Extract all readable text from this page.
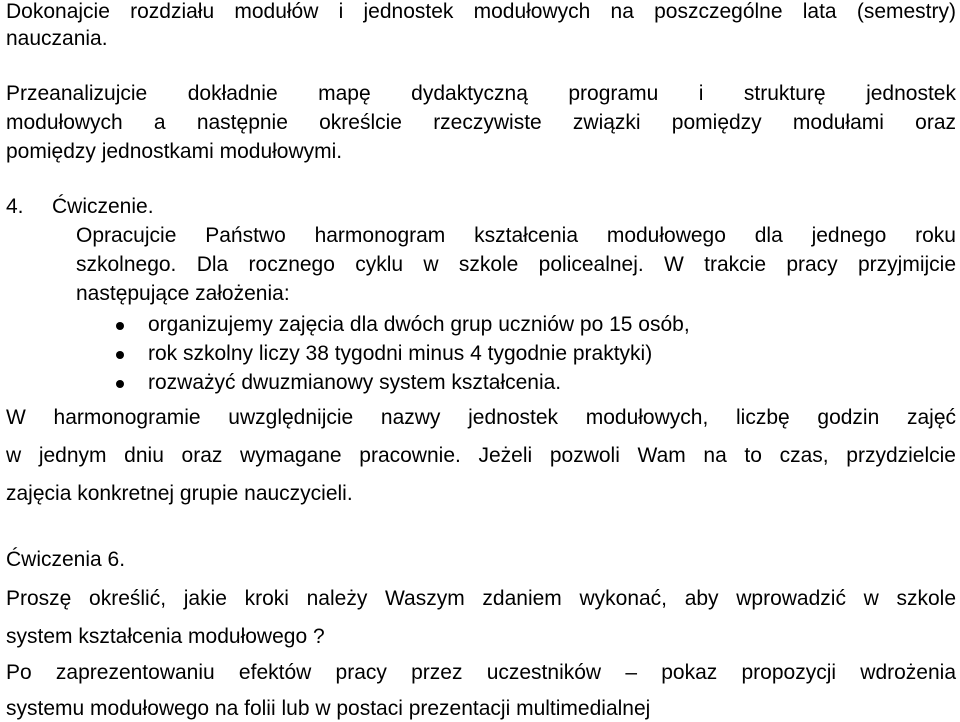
Dokonajcie rozdziału modułów i jednostek modułowych na poszczególne lata (semestry)
nauczania.
Przeanalizujcie dokładnie mapę dydaktyczną programu i strukturę jednostek
modułowych a następnie określcie rzeczywiste związki pomiędzy modułami oraz
pomiędzy jednostkami modułowymi.
4. Ćwiczenie.
Opracujcie Państwo harmonogram kształcenia modułowego dla jednego roku
szkolnego. Dla rocznego cyklu w szkole policealnej. W trakcie pracy przyjmijcie
następujące założenia:
organizujemy zajęcia dla dwóch grup uczniów po 15 osób,
rok szkolny liczy 38 tygodni minus 4 tygodnie praktyki)
rozważyć dwuzmianowy system kształcenia.
W harmonogramie uwzględnijcie nazwy jednostek modułowych, liczbę godzin zajęć
w jednym dniu oraz wymagane pracownie. Jeżeli pozwoli Wam na to czas, przydzielcie
zajęcia konkretnej grupie nauczycieli.
Ćwiczenia 6.
Proszę określić, jakie kroki należy Waszym zdaniem wykonać, aby wprowadzić w szkole
system kształcenia modułowego ?
Po zaprezentowaniu efektów pracy przez uczestników – pokaz propozycji wdrożenia
systemu modułowego na folii lub w postaci prezentacji multimedialnej
